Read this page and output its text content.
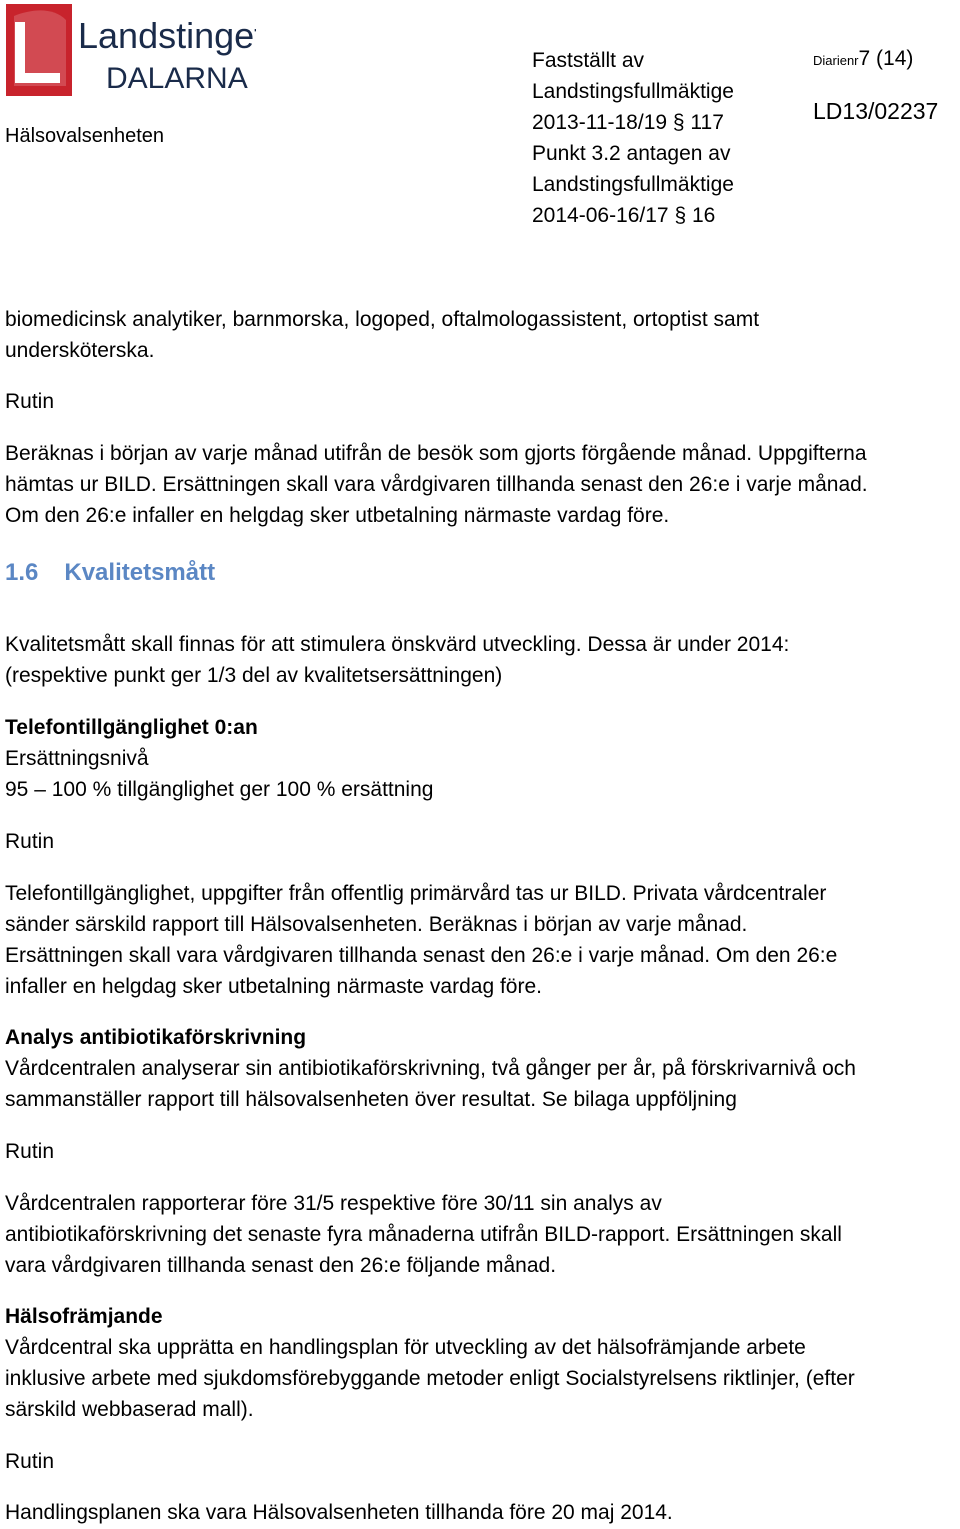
Landstinget
DALARNA
Hälsovalsenheten
Fastställt av
Landstingsfullmäktige
2013-11-18/19 § 117
Punkt 3.2 antagen av
Landstingsfullmäktige
2014-06-16/17 § 16
Diarienr7 (14)
LD13/02237
biomedicinsk analytiker, barnmorska, logoped, oftalmologassistent, ortoptist samt
undersköterska.
Rutin
Beräknas i början av varje månad utifrån de besök som gjorts förgående månad. Uppgifterna
hämtas ur BILD. Ersättningen skall vara vårdgivaren tillhanda senast den 26:e i varje månad.
Om den 26:e infaller en helgdag sker utbetalning närmaste vardag före.
1.6 Kvalitetsmått
Kvalitetsmått skall finnas för att stimulera önskvärd utveckling. Dessa är under 2014:
(respektive punkt ger 1/3 del av kvalitetsersättningen)
Telefontillgänglighet 0:an
Ersättningsnivå
95 – 100 % tillgänglighet ger 100 % ersättning
Rutin
Telefontillgänglighet, uppgifter från offentlig primärvård tas ur BILD. Privata vårdcentraler
sänder särskild rapport till Hälsovalsenheten. Beräknas i början av varje månad.
Ersättningen skall vara vårdgivaren tillhanda senast den 26:e i varje månad. Om den 26:e
infaller en helgdag sker utbetalning närmaste vardag före.
Analys antibiotikaförskrivning
Vårdcentralen analyserar sin antibiotikaförskrivning, två gånger per år, på förskrivarnivå och
sammanställer rapport till hälsovalsenheten över resultat. Se bilaga uppföljning
Rutin
Vårdcentralen rapporterar före 31/5 respektive före 30/11 sin analys av
antibiotikaförskrivning det senaste fyra månaderna utifrån BILD-rapport. Ersättningen skall
vara vårdgivaren tillhanda senast den 26:e följande månad.
Hälsofrämjande
Vårdcentral ska upprätta en handlingsplan för utveckling av det hälsofrämjande arbete
inklusive arbete med sjukdomsförebyggande metoder enligt Socialstyrelsens riktlinjer, (efter
särskild webbaserad mall).
Rutin
Handlingsplanen ska vara Hälsovalsenheten tillhanda före 20 maj 2014.
